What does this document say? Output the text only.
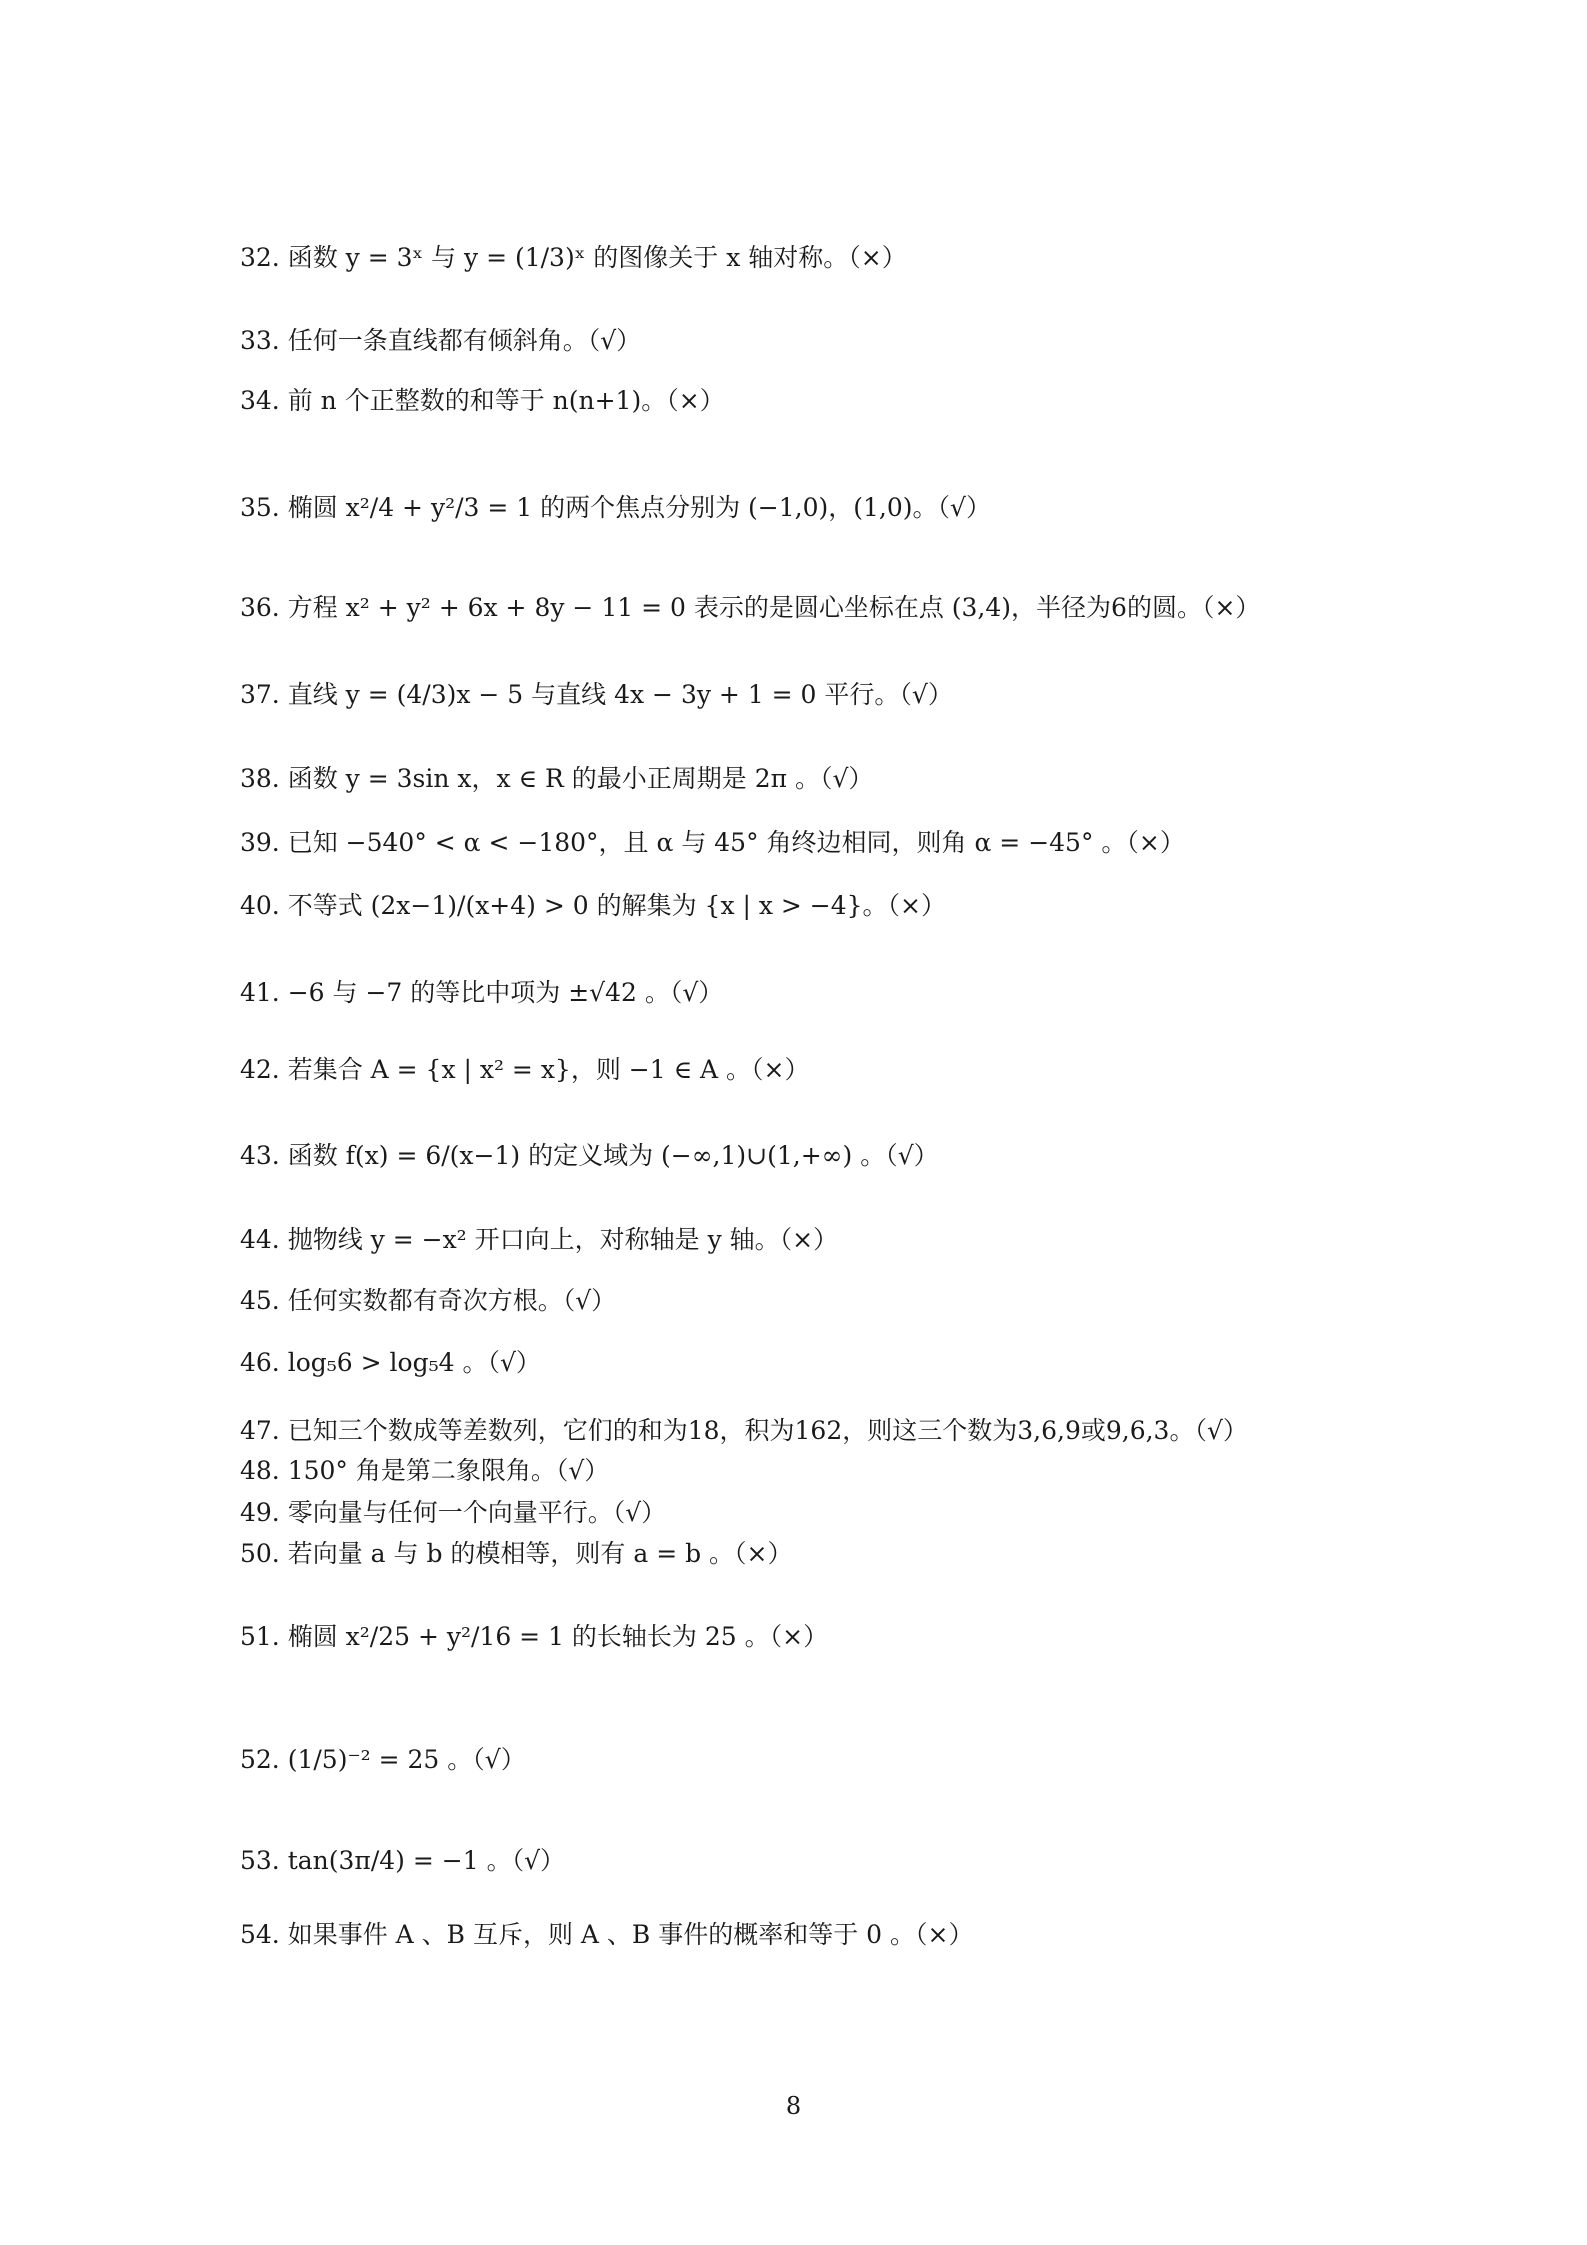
32. 函数 y = 3ˣ 与 y = (1/3)ˣ 的图像关于 x 轴对称。（×）
33. 任何一条直线都有倾斜角。（√）
34. 前 n 个正整数的和等于 n(n+1)。（×）
35. 椭圆 x²/4 + y²/3 = 1 的两个焦点分别为 (−1,0)，(1,0)。（√）
36. 方程 x² + y² + 6x + 8y − 11 = 0 表示的是圆心坐标在点 (3,4)，半径为6的圆。（×）
37. 直线 y = (4/3)x − 5 与直线 4x − 3y + 1 = 0 平行。（√）
38. 函数 y = 3sin x，x ∈ R 的最小正周期是 2π 。（√）
39. 已知 −540° < α < −180°，且 α 与 45° 角终边相同，则角 α = −45° 。（×）
40. 不等式 (2x−1)/(x+4) > 0 的解集为 {x | x > −4}。（×）
41. −6 与 −7 的等比中项为 ±√42 。（√）
42. 若集合 A = {x | x² = x}，则 −1 ∈ A 。（×）
43. 函数 f(x) = 6/(x−1) 的定义域为 (−∞,1)∪(1,+∞) 。（√）
44. 抛物线 y = −x² 开口向上，对称轴是 y 轴。（×）
45. 任何实数都有奇次方根。（√）
46. log₅6 > log₅4 。（√）
47. 已知三个数成等差数列，它们的和为18，积为162，则这三个数为3,6,9或9,6,3。（√）
48. 150° 角是第二象限角。（√）
49. 零向量与任何一个向量平行。（√）
50. 若向量 a 与 b 的模相等，则有 a = b 。（×）
51. 椭圆 x²/25 + y²/16 = 1 的长轴长为 25 。（×）
52. (1/5)⁻² = 25 。（√）
53. tan(3π/4) = −1 。（√）
54. 如果事件 A 、B 互斥，则 A 、B 事件的概率和等于 0 。（×）
8
